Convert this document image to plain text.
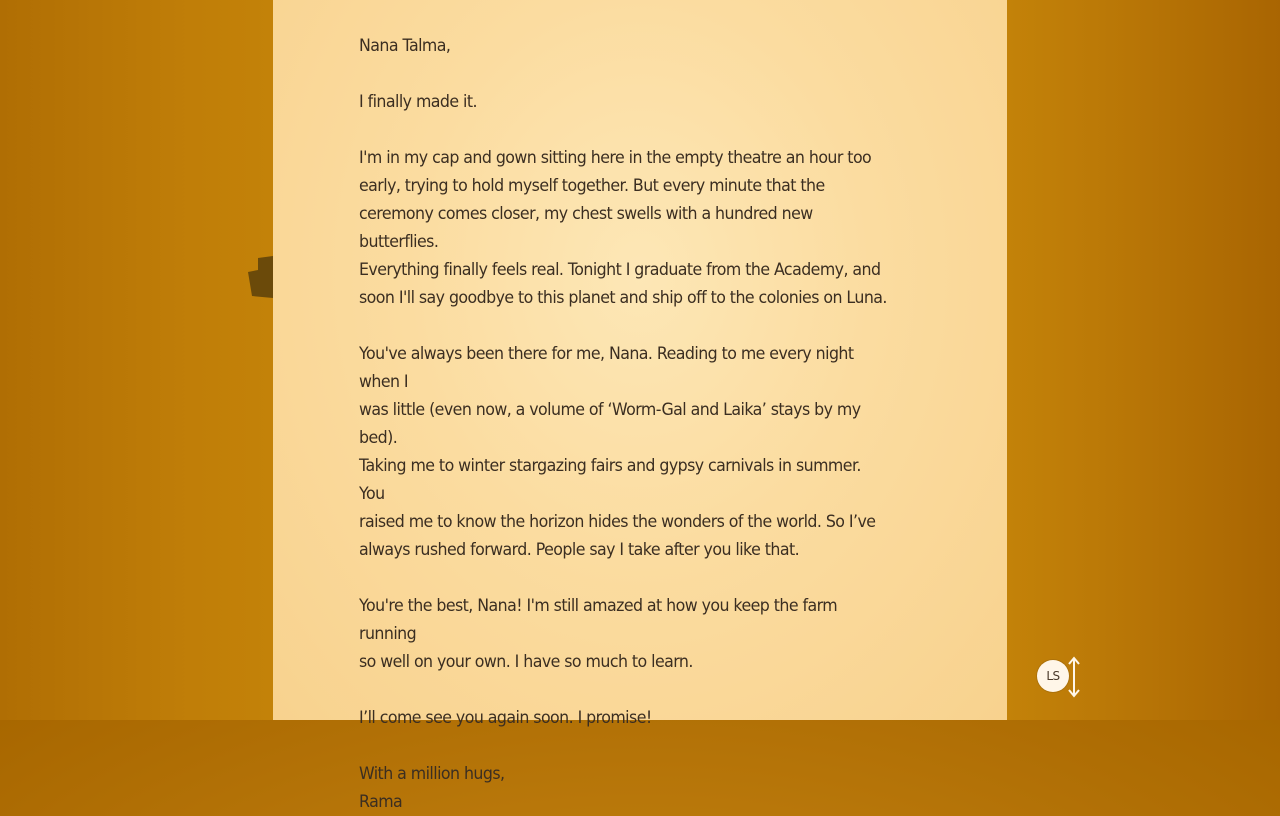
Nana Talma,

I finally made it.

I'm in my cap and gown sitting here in the empty theatre an hour too
early, trying to hold myself together. But every minute that the
ceremony comes closer, my chest swells with a hundred new butterflies.
Everything finally feels real. Tonight I graduate from the Academy, and
soon I'll say goodbye to this planet and ship off to the colonies on Luna.

You've always been there for me, Nana. Reading to me every night when I
was little (even now, a volume of ‘Worm-Gal and Laika’ stays by my bed).
Taking me to winter stargazing fairs and gypsy carnivals in summer. You
raised me to know the horizon hides the wonders of the world. So I’ve
always rushed forward. People say I take after you like that.

You're the best, Nana! I'm still amazed at how you keep the farm running
so well on your own. I have so much to learn.

I’ll come see you again soon. I promise!

With a million hugs,

Rama

LS
